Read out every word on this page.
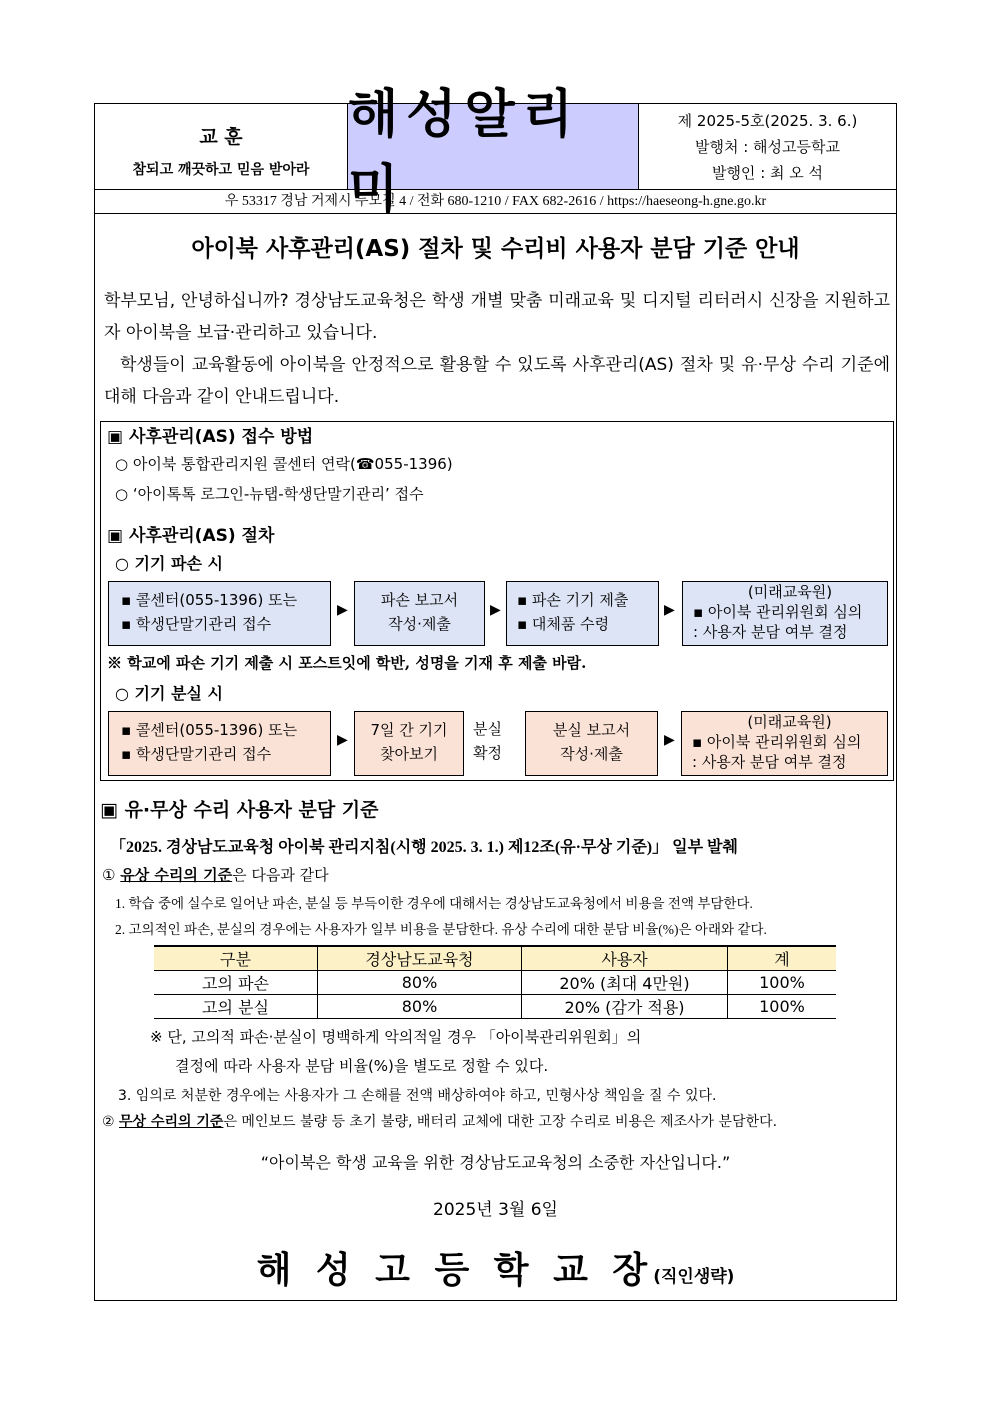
교 훈
참되고 깨끗하고 믿음 받아라
해성알리미
제 2025-5호(2025. 3. 6.)
발행처 : 해성고등학교
발행인 : 최 오 석
우 53317 경남 거제시 두모길 4 / 전화 680-1210 / FAX 682-2616 / https://haeseong-h.gne.go.kr
아이북 사후관리(AS) 절차 및 수리비 사용자 분담 기준 안내
학부모님, 안녕하십니까? 경상남도교육청은 학생 개별 맞춤 미래교육 및 디지털 리터러시 신장을 지원하고자 아이북을 보급·관리하고 있습니다.
학생들이 교육활동에 아이북을 안정적으로 활용할 수 있도록 사후관리(AS) 절차 및 유·무상 수리 기준에 대해 다음과 같이 안내드립니다.
▣ 사후관리(AS) 접수 방법
○ 아이북 통합관리지원 콜센터 연락(☎055-1396)
○ ‘아이톡톡 로그인-뉴탭-학생단말기관리’ 접수
▣ 사후관리(AS) 절차
○ 기기 파손 시
▪ 콜센터(055-1396) 또는
▪ 학생단말기관리 접수
▶
파손 보고서
작성·제출
▶
▪ 파손 기기 제출
▪ 대체품 수령
▶
(미래교육원)
▪ 아이북 관리위원회 심의
: 사용자 분담 여부 결정
※ 학교에 파손 기기 제출 시 포스트잇에 학반, 성명을 기재 후 제출 바람.
○ 기기 분실 시
▪ 콜센터(055-1396) 또는
▪ 학생단말기관리 접수
▶
7일 간 기기
찾아보기
분실
확정
분실 보고서
작성·제출
▶
(미래교육원)
▪ 아이북 관리위원회 심의
: 사용자 분담 여부 결정
▣ 유·무상 수리 사용자 분담 기준
「2025. 경상남도교육청 아이북 관리지침(시행 2025. 3. 1.) 제12조(유·무상 기준)」 일부 발췌
① 유상 수리의 기준은 다음과 같다
1. 학습 중에 실수로 일어난 파손, 분실 등 부득이한 경우에 대해서는 경상남도교육청에서 비용을 전액 부담한다.
2. 고의적인 파손, 분실의 경우에는 사용자가 일부 비용을 분담한다. 유상 수리에 대한 분담 비율(%)은 아래와 같다.
구분	경상남도교육청	사용자	계
고의 파손	80%	20% (최대 4만원)	100%
고의 분실	80%	20% (감가 적용)	100%
※ 단, 고의적 파손·분실이 명백하게 악의적일 경우 「아이북관리위원회」의
결정에 따라 사용자 분담 비율(%)을 별도로 정할 수 있다.
3. 임의로 처분한 경우에는 사용자가 그 손해를 전액 배상하여야 하고, 민형사상 책임을 질 수 있다.
② 무상 수리의 기준은 메인보드 불량 등 초기 불량, 배터리 교체에 대한 고장 수리로 비용은 제조사가 분담한다.
“아이북은 학생 교육을 위한 경상남도교육청의 소중한 자산입니다.”
2025년 3월 6일
해 성 고 등 학 교 장(직인생략)
